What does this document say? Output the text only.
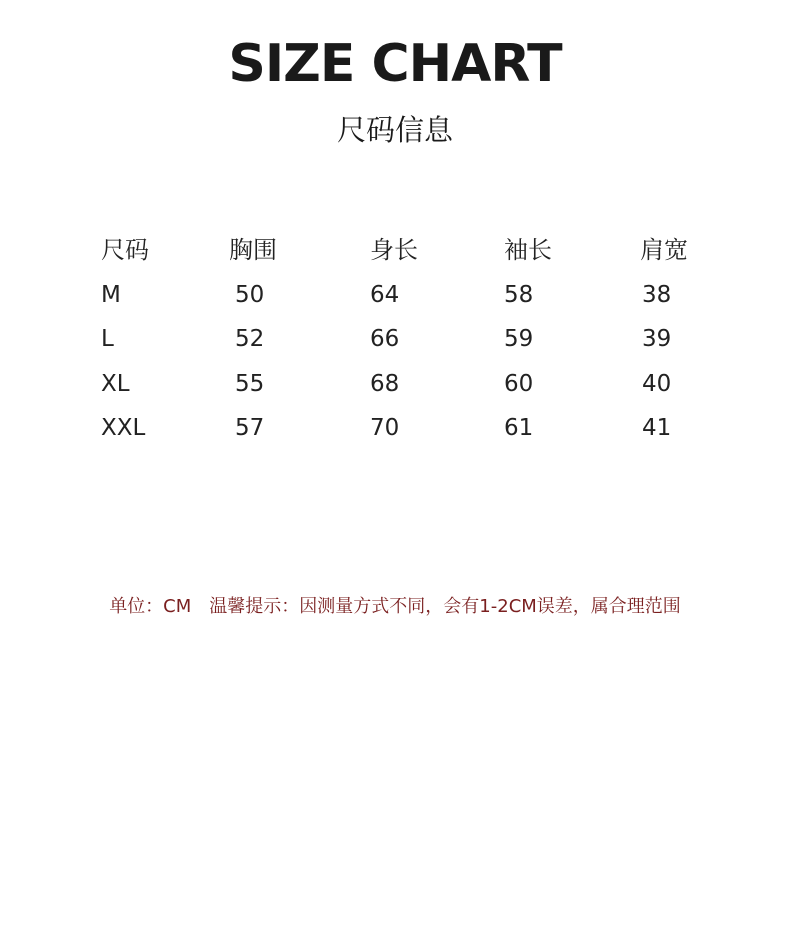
SIZE CHART
尺码信息
尺码	胸围	身长	袖长	肩宽
M	50	64	58	38
L	52	66	59	39
XL	55	68	60	40
XXL	57	70	61	41
单位：CM 温馨提示：因测量方式不同，会有1-2CM误差，属合理范围
